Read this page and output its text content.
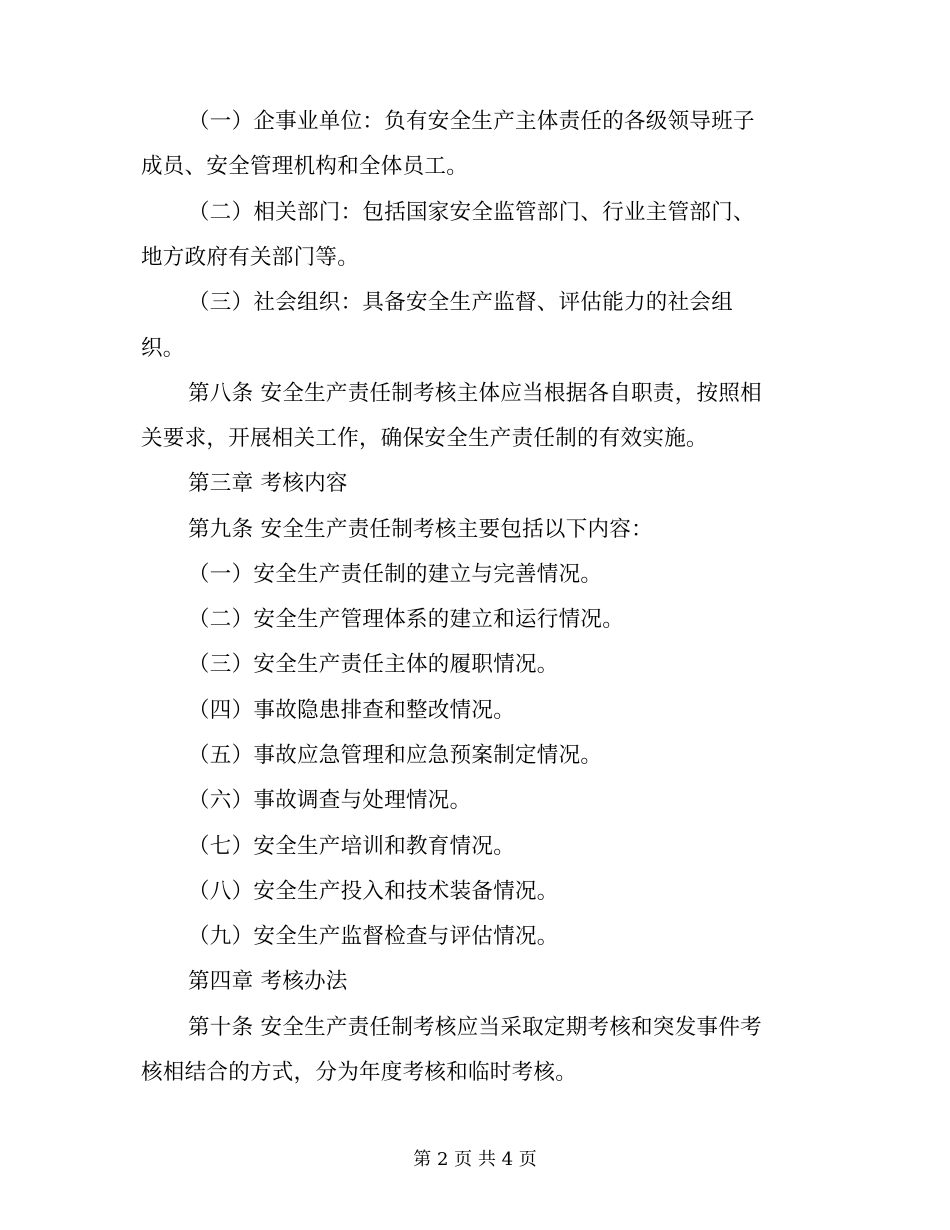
（一）企事业单位：负有安全生产主体责任的各级领导班子
成员、安全管理机构和全体员工。
（二）相关部门：包括国家安全监管部门、行业主管部门、
地方政府有关部门等。
（三）社会组织：具备安全生产监督、评估能力的社会组
织。
第八条 安全生产责任制考核主体应当根据各自职责，按照相
关要求，开展相关工作，确保安全生产责任制的有效实施。
第三章 考核内容
第九条 安全生产责任制考核主要包括以下内容：
（一）安全生产责任制的建立与完善情况。
（二）安全生产管理体系的建立和运行情况。
（三）安全生产责任主体的履职情况。
（四）事故隐患排查和整改情况。
（五）事故应急管理和应急预案制定情况。
（六）事故调查与处理情况。
（七）安全生产培训和教育情况。
（八）安全生产投入和技术装备情况。
（九）安全生产监督检查与评估情况。
第四章 考核办法
第十条 安全生产责任制考核应当采取定期考核和突发事件考
核相结合的方式，分为年度考核和临时考核。
第 2 页 共 4 页
